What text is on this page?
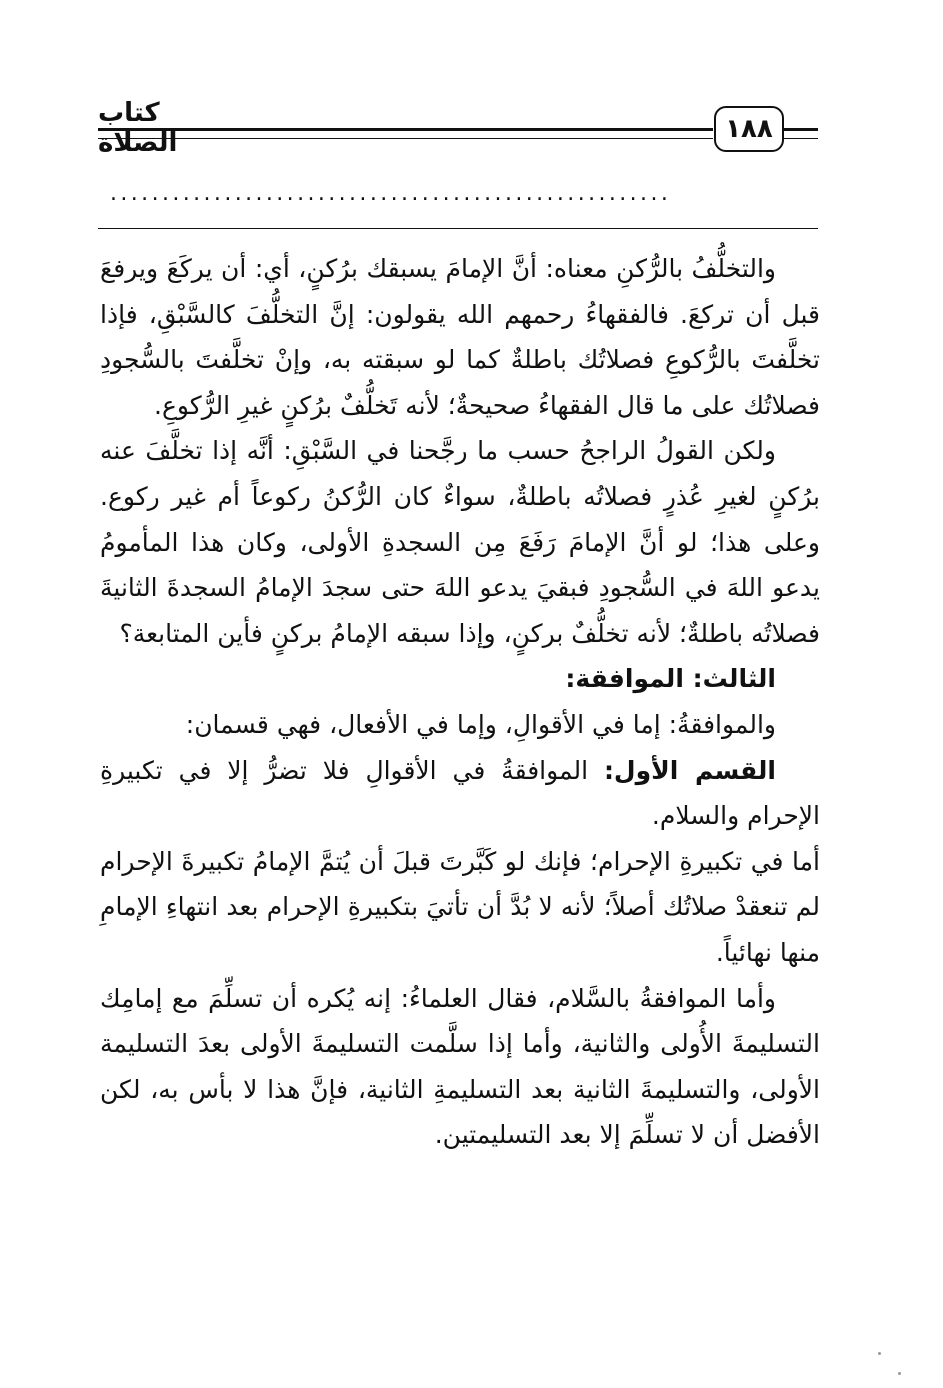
كتاب الصلاة	١٨٨
......................................................

والتخلُّفُ بالرُّكنِ معناه: أنَّ الإمامَ يسبقك برُكنٍ، أي: أن يركَعَ ويرفعَ قبل أن تركعَ. فالفقهاءُ رحمهم الله يقولون: إنَّ التخلُّفَ كالسَّبْقِ، فإذا تخلَّفتَ بالرُّكوعِ فصلاتُك باطلةٌ كما لو سبقته به، وإنْ تخلَّفتَ بالسُّجودِ فصلاتُك على ما قال الفقهاءُ صحيحةٌ؛ لأنه تَخلُّفٌ برُكنٍ غيرِ الرُّكوعِ.

ولكن القولُ الراجحُ حسب ما رجَّحنا في السَّبْقِ: أنَّه إذا تخلَّفَ عنه برُكنٍ لغيرِ عُذرٍ فصلاتُه باطلةٌ، سواءٌ كان الرُّكنُ ركوعاً أم غير ركوع. وعلى هذا؛ لو أنَّ الإمامَ رَفَعَ مِن السجدةِ الأولى، وكان هذا المأمومُ يدعو اللهَ في السُّجودِ فبقيَ يدعو اللهَ حتى سجدَ الإمامُ السجدةَ الثانيةَ فصلاتُه باطلةٌ؛ لأنه تخلُّفٌ بركنٍ، وإذا سبقه الإمامُ بركنٍ فأين المتابعة؟

الثالث: الموافقة:

والموافقةُ: إما في الأقوالِ، وإما في الأفعال، فهي قسمان:

القسم الأول: الموافقةُ في الأقوالِ فلا تضرُّ إلا في تكبيرةِ الإحرام والسلام.

أما في تكبيرةِ الإحرام؛ فإنك لو كَبَّرتَ قبلَ أن يُتمَّ الإمامُ تكبيرةَ الإحرام لم تنعقدْ صلاتُك أصلاً؛ لأنه لا بُدَّ أن تأتيَ بتكبيرةِ الإحرام بعد انتهاءِ الإمامِ منها نهائياً.

وأما الموافقةُ بالسَّلام، فقال العلماءُ: إنه يُكره أن تسلِّمَ مع إمامِك التسليمةَ الأُولى والثانية، وأما إذا سلَّمت التسليمةَ الأولى بعدَ التسليمة الأولى، والتسليمةَ الثانية بعد التسليمةِ الثانية، فإنَّ هذا لا بأس به، لكن الأفضل أن لا تسلِّمَ إلا بعد التسليمتين.
